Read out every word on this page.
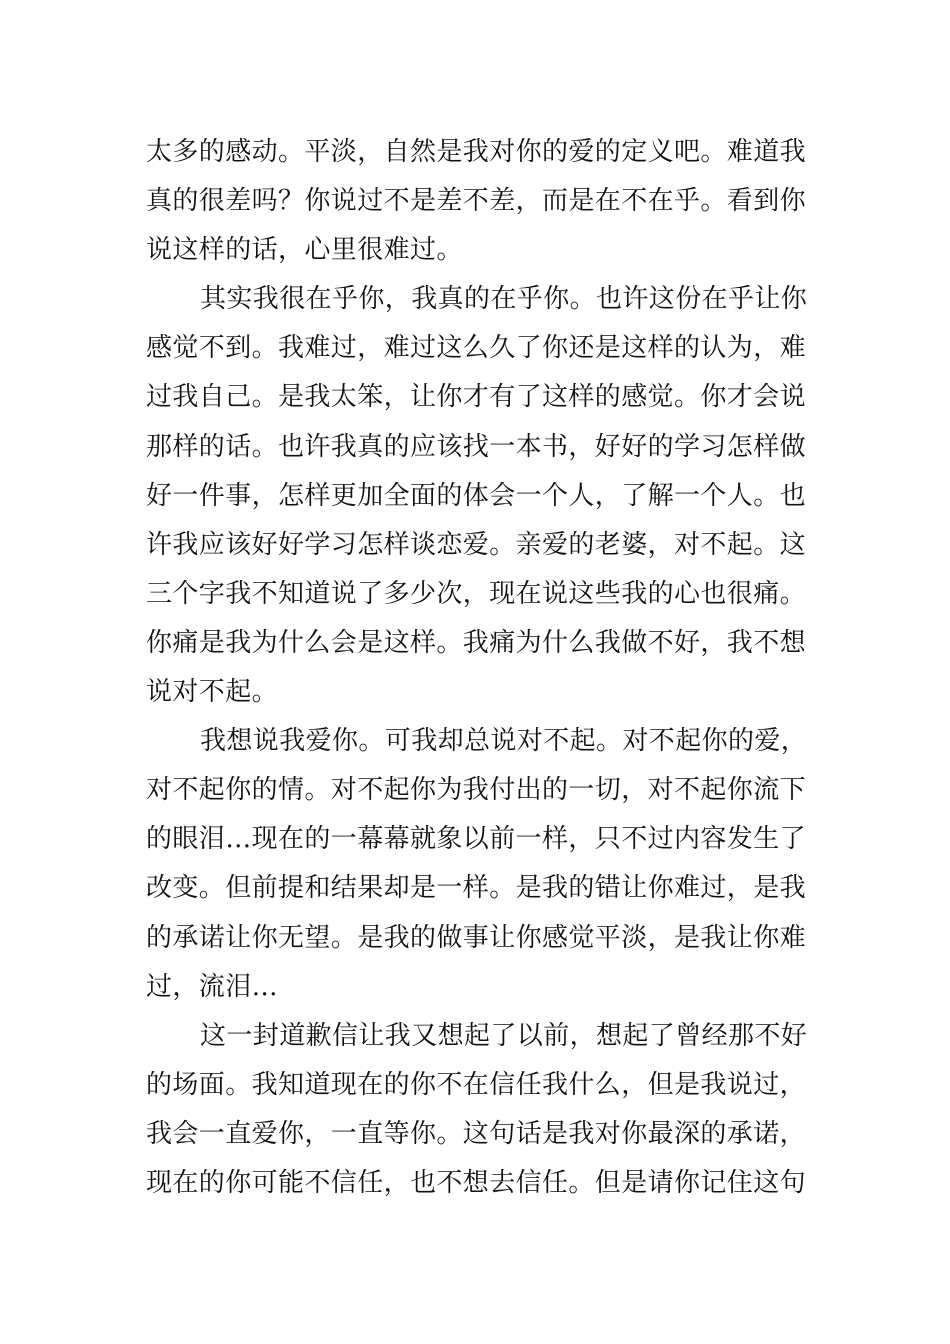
太多的感动。平淡，自然是我对你的爱的定义吧。难道我
真的很差吗？你说过不是差不差，而是在不在乎。看到你
说这样的话，心里很难过。
其实我很在乎你，我真的在乎你。也许这份在乎让你
感觉不到。我难过，难过这么久了你还是这样的认为，难
过我自己。是我太笨，让你才有了这样的感觉。你才会说
那样的话。也许我真的应该找一本书，好好的学习怎样做
好一件事，怎样更加全面的体会一个人，了解一个人。也
许我应该好好学习怎样谈恋爱。亲爱的老婆，对不起。这
三个字我不知道说了多少次，现在说这些我的心也很痛。
你痛是我为什么会是这样。我痛为什么我做不好，我不想
说对不起。
我想说我爱你。可我却总说对不起。对不起你的爱，
对不起你的情。对不起你为我付出的一切，对不起你流下
的眼泪…现在的一幕幕就象以前一样，只不过内容发生了
改变。但前提和结果却是一样。是我的错让你难过，是我
的承诺让你无望。是我的做事让你感觉平淡，是我让你难
过，流泪…
这一封道歉信让我又想起了以前，想起了曾经那不好
的场面。我知道现在的你不在信任我什么，但是我说过，
我会一直爱你，一直等你。这句话是我对你最深的承诺，
现在的你可能不信任，也不想去信任。但是请你记住这句
